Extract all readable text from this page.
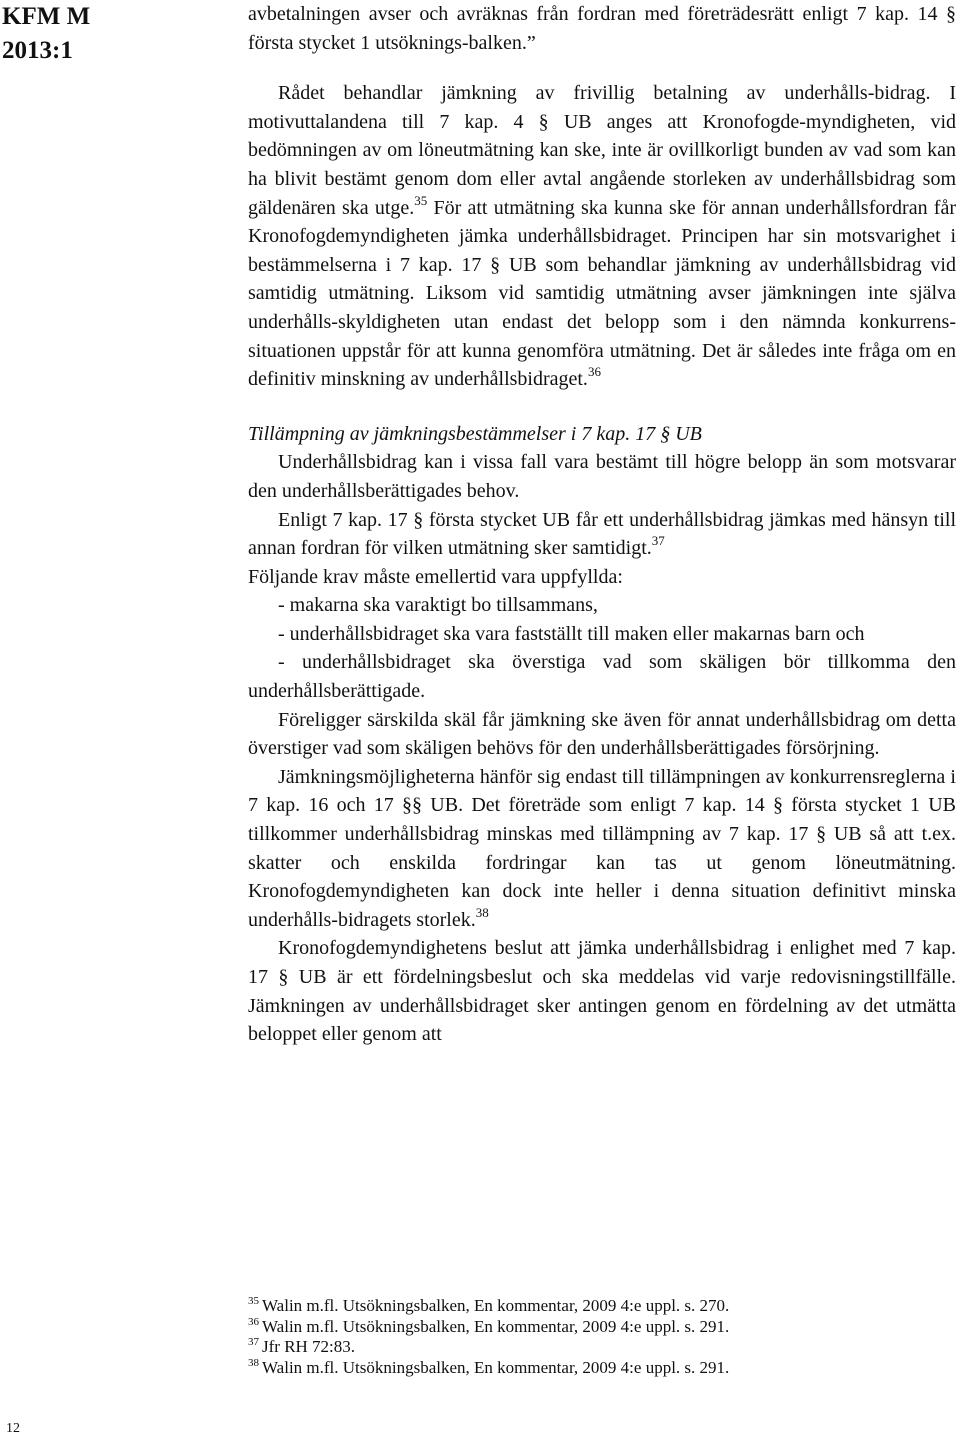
KFM M
2013:1

avbetalningen avser och avräknas från fordran med företrädesrätt enligt 7 kap. 14 § första stycket 1 utsöknings-balken.”

Rådet behandlar jämkning av frivillig betalning av underhålls-bidrag. I motivuttalandena till 7 kap. 4 § UB anges att Kronofogde-myndigheten, vid bedömningen av om löneutmätning kan ske, inte är ovillkorligt bunden av vad som kan ha blivit bestämt genom dom eller avtal angående storleken av underhållsbidrag som gäldenären ska utge.$^{35}$ För att utmätning ska kunna ske för annan underhållsfordran får Kronofogdemyndigheten jämka underhållsbidraget. Principen har sin motsvarighet i bestämmelserna i 7 kap. 17 § UB som behandlar jämkning av underhållsbidrag vid samtidig utmätning. Liksom vid samtidig utmätning avser jämkningen inte själva underhålls-skyldigheten utan endast det belopp som i den nämnda konkurrens-situationen uppstår för att kunna genomföra utmätning. Det är således inte fråga om en definitiv minskning av underhållsbidraget.$^{36}$

Tillämpning av jämkningsbestämmelser i 7 kap. 17 § UB

Underhållsbidrag kan i vissa fall vara bestämt till högre belopp än som motsvarar den underhållsberättigades behov.

Enligt 7 kap. 17 § första stycket UB får ett underhållsbidrag jämkas med hänsyn till annan fordran för vilken utmätning sker samtidigt.$^{37}$

Följande krav måste emellertid vara uppfyllda:

- makarna ska varaktigt bo tillsammans,

- underhållsbidraget ska vara fastställt till maken eller makarnas barn och

- underhållsbidraget ska överstiga vad som skäligen bör tillkomma den underhållsberättigade.

Föreligger särskilda skäl får jämkning ske även för annat underhållsbidrag om detta överstiger vad som skäligen behövs för den underhållsberättigades försörjning.

Jämkningsmöjligheterna hänför sig endast till tillämpningen av konkurrensreglerna i 7 kap. 16 och 17 §§ UB. Det företräde som enligt 7 kap. 14 § första stycket 1 UB tillkommer underhållsbidrag minskas med tillämpning av 7 kap. 17 § UB så att t.ex. skatter och enskilda fordringar kan tas ut genom löneutmätning. Kronofogdemyndigheten kan dock inte heller i denna situation definitivt minska underhålls-bidragets storlek.$^{38}$

Kronofogdemyndighetens beslut att jämka underhållsbidrag i enlighet med 7 kap. 17 § UB är ett fördelningsbeslut och ska meddelas vid varje redovisningstillfälle. Jämkningen av underhållsbidraget sker antingen genom en fördelning av det utmätta beloppet eller genom att

$^{35}$ Walin m.fl. Utsökningsbalken, En kommentar, 2009 4:e uppl. s. 270.
$^{36}$ Walin m.fl. Utsökningsbalken, En kommentar, 2009 4:e uppl. s. 291.
$^{37}$ Jfr RH 72:83.
$^{38}$ Walin m.fl. Utsökningsbalken, En kommentar, 2009 4:e uppl. s. 291.
12
